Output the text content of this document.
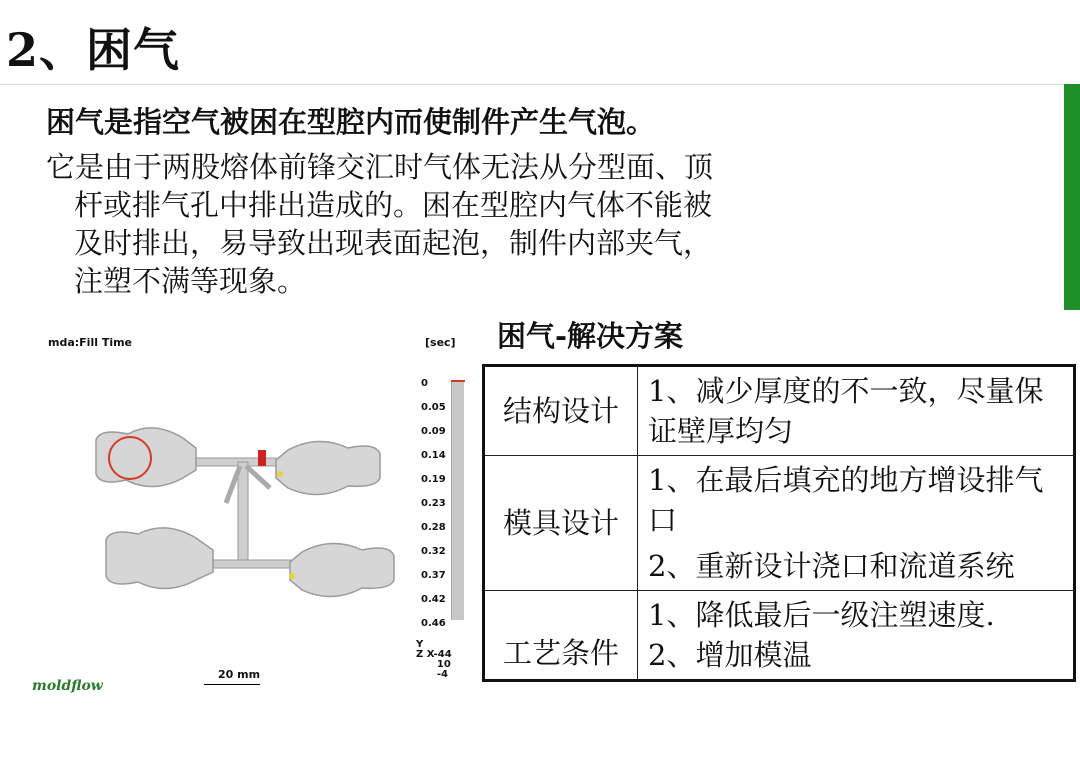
2、困气
困气是指空气被困在型腔内而使制件产生气泡。
它是由于两股熔体前锋交汇时气体无法从分型面、顶
杆或排气孔中排出造成的。困在型腔内气体不能被
及时排出，易导致出现表面起泡，制件内部夹气，
注塑不满等现象。
mda:Fill Time	[sec]
0
0.05
0.09
0.14
0.19
0.23
0.28
0.32
0.37
0.42
0.46
Y
Z X-44
10
-4
moldflow
20 mm
困气-解决方案
结构设计	1、减少厚度的不一致，尽量保证壁厚均匀

模具设计	1、在最后填充的地方增设排气口
2、重新设计浇口和流道系统

工艺条件	1、降低最后一级注塑速度.
2、增加模温
